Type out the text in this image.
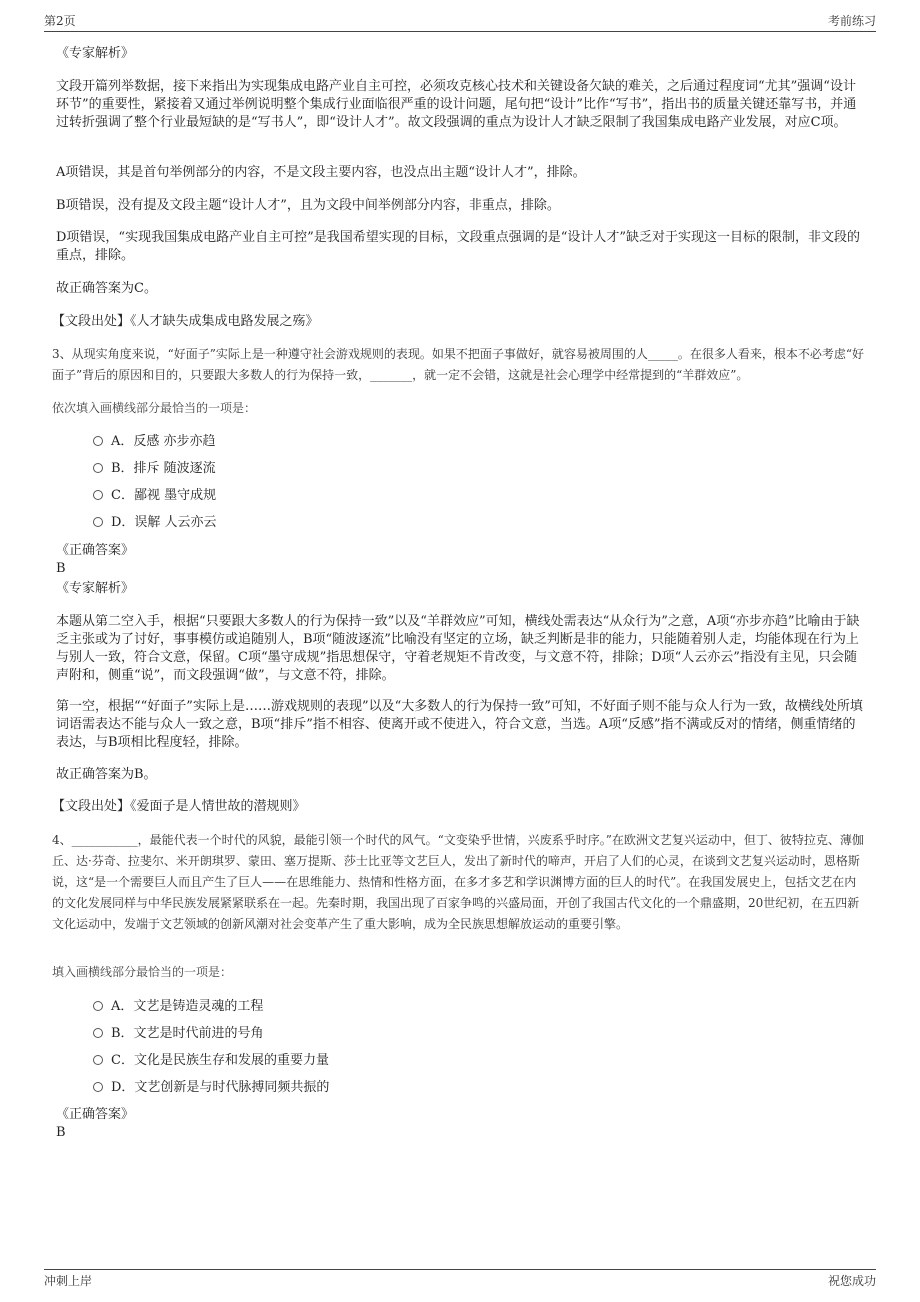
第2页	考前练习
《专家解析》
文段开篇列举数据，接下来指出为实现集成电路产业自主可控，必须攻克核心技术和关键设备欠缺的难关，之后通过程度词“尤其”强调“设计环节”的重要性，紧接着又通过举例说明整个集成行业面临很严重的设计问题，尾句把“设计”比作“写书”，指出书的质量关键还靠写书，并通过转折强调了整个行业最短缺的是“写书人”，即“设计人才”。故文段强调的重点为设计人才缺乏限制了我国集成电路产业发展，对应C项。
A项错误，其是首句举例部分的内容，不是文段主要内容，也没点出主题“设计人才”，排除。
B项错误，没有提及文段主题“设计人才”，且为文段中间举例部分内容，非重点，排除。
D项错误，“实现我国集成电路产业自主可控”是我国希望实现的目标，文段重点强调的是“设计人才”缺乏对于实现这一目标的限制，非文段的重点，排除。
故正确答案为C。
【文段出处】《人才缺失成集成电路发展之殇》
3、从现实角度来说，“好面子”实际上是一种遵守社会游戏规则的表现。如果不把面子事做好，就容易被周围的人_____。在很多人看来，根本不必考虑“好面子”背后的原因和目的，只要跟大多数人的行为保持一致，_______，就一定不会错，这就是社会心理学中经常提到的“羊群效应”。
依次填入画横线部分最恰当的一项是：
A．反感 亦步亦趋
B．排斥 随波逐流
C．鄙视 墨守成规
D．误解 人云亦云
《正确答案》
B
《专家解析》
本题从第二空入手，根据“只要跟大多数人的行为保持一致”以及“羊群效应”可知，横线处需表达“从众行为”之意，A项“亦步亦趋”比喻由于缺乏主张或为了讨好，事事模仿或追随别人，B项“随波逐流”比喻没有坚定的立场，缺乏判断是非的能力，只能随着别人走，均能体现在行为上与别人一致，符合文意，保留。C项“墨守成规”指思想保守，守着老规矩不肯改变，与文意不符，排除；D项“人云亦云”指没有主见，只会随声附和，侧重“说”，而文段强调“做”，与文意不符，排除。
第一空，根据““好面子”实际上是……游戏规则的表现”以及“大多数人的行为保持一致”可知，不好面子则不能与众人行为一致，故横线处所填词语需表达不能与众人一致之意，B项“排斥”指不相容、使离开或不使进入，符合文意，当选。A项“反感”指不满或反对的情绪，侧重情绪的表达，与B项相比程度轻，排除。
故正确答案为B。
【文段出处】《爱面子是人情世故的潜规则》
4、___________，最能代表一个时代的风貌，最能引领一个时代的风气。“文变染乎世情，兴废系乎时序。”在欧洲文艺复兴运动中，但丁、彼特拉克、薄伽丘、达·芬奇、拉斐尔、米开朗琪罗、蒙田、塞万提斯、莎士比亚等文艺巨人，发出了新时代的啼声，开启了人们的心灵，在谈到文艺复兴运动时，恩格斯说，这“是一个需要巨人而且产生了巨人——在思维能力、热情和性格方面，在多才多艺和学识渊博方面的巨人的时代”。在我国发展史上，包括文艺在内的文化发展同样与中华民族发展紧紧联系在一起。先秦时期，我国出现了百家争鸣的兴盛局面，开创了我国古代文化的一个鼎盛期，20世纪初，在五四新文化运动中，发端于文艺领域的创新风潮对社会变革产生了重大影响，成为全民族思想解放运动的重要引擎。
填入画横线部分最恰当的一项是：
A．文艺是铸造灵魂的工程
B．文艺是时代前进的号角
C．文化是民族生存和发展的重要力量
D．文艺创新是与时代脉搏同频共振的
《正确答案》
B
冲刺上岸	祝您成功
